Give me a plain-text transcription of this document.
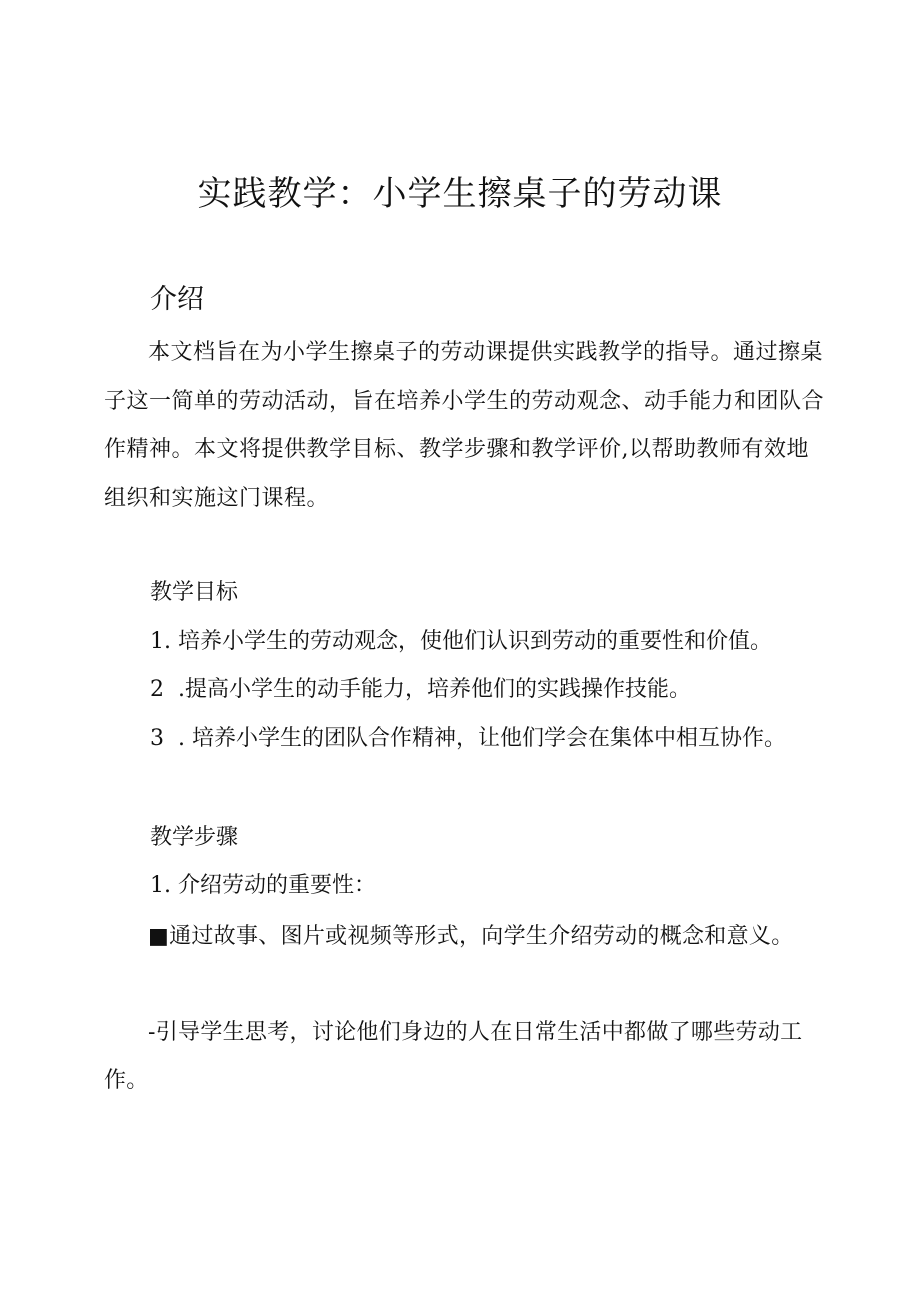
实践教学：小学生擦桌子的劳动课
介绍

本文档旨在为小学生擦桌子的劳动课提供实践教学的指导。通过擦桌子这一简单的劳动活动，旨在培养小学生的劳动观念、动手能力和团队合作精神。本文将提供教学目标、教学步骤和教学评价,以帮助教师有效地组织和实施这门课程。

教学目标

1. 培养小学生的劳动观念，使他们认识到劳动的重要性和价值。

2  .提高小学生的动手能力，培养他们的实践操作技能。

3  . 培养小学生的团队合作精神，让他们学会在集体中相互协作。

教学步骤

1. 介绍劳动的重要性：

■通过故事、图片或视频等形式，向学生介绍劳动的概念和意义。

-引导学生思考，讨论他们身边的人在日常生活中都做了哪些劳动工作。
